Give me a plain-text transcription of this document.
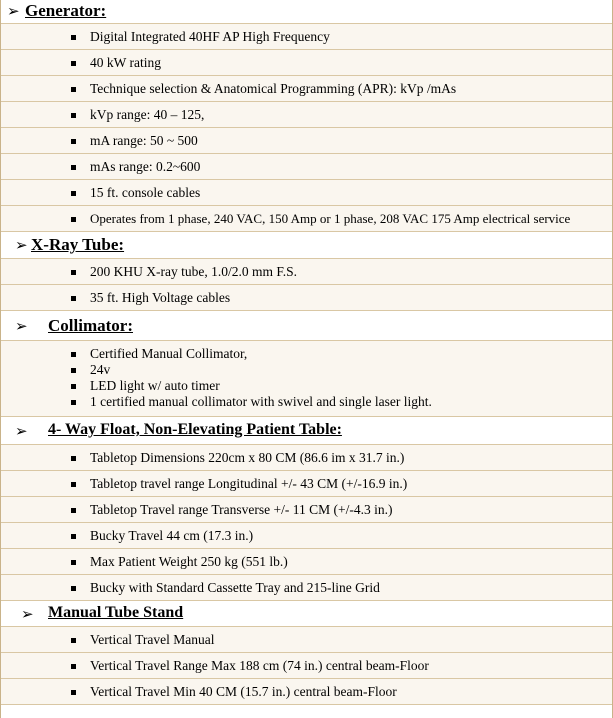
➢ Generator:
Digital Integrated 40HF AP High Frequency
40 kW rating
Technique selection & Anatomical Programming (APR): kVp /mAs
kVp range: 40 – 125,
mA range: 50 ~ 500
mAs range: 0.2~600
15 ft. console cables
Operates from 1 phase, 240 VAC, 150 Amp or 1 phase, 208 VAC 175 Amp electrical service
➢ X-Ray Tube:
200 KHU X-ray tube, 1.0/2.0 mm F.S.
35 ft. High Voltage cables
➢ Collimator:
Certified Manual Collimator,
24v
LED light w/ auto timer
1 certified manual collimator with swivel and single laser light.
➢ 4- Way Float, Non-Elevating Patient Table:
Tabletop Dimensions 220cm x 80 CM (86.6 im x 31.7 in.)
Tabletop travel range Longitudinal +/- 43 CM (+/-16.9 in.)
Tabletop Travel range Transverse +/- 11 CM (+/-4.3 in.)
Bucky Travel 44 cm (17.3 in.)
Max Patient Weight 250 kg (551 lb.)
Bucky with Standard Cassette Tray and 215-line Grid
➢ Manual Tube Stand
Vertical Travel Manual
Vertical Travel Range Max 188 cm (74 in.) central beam-Floor
Vertical Travel Min 40 CM (15.7 in.) central beam-Floor
